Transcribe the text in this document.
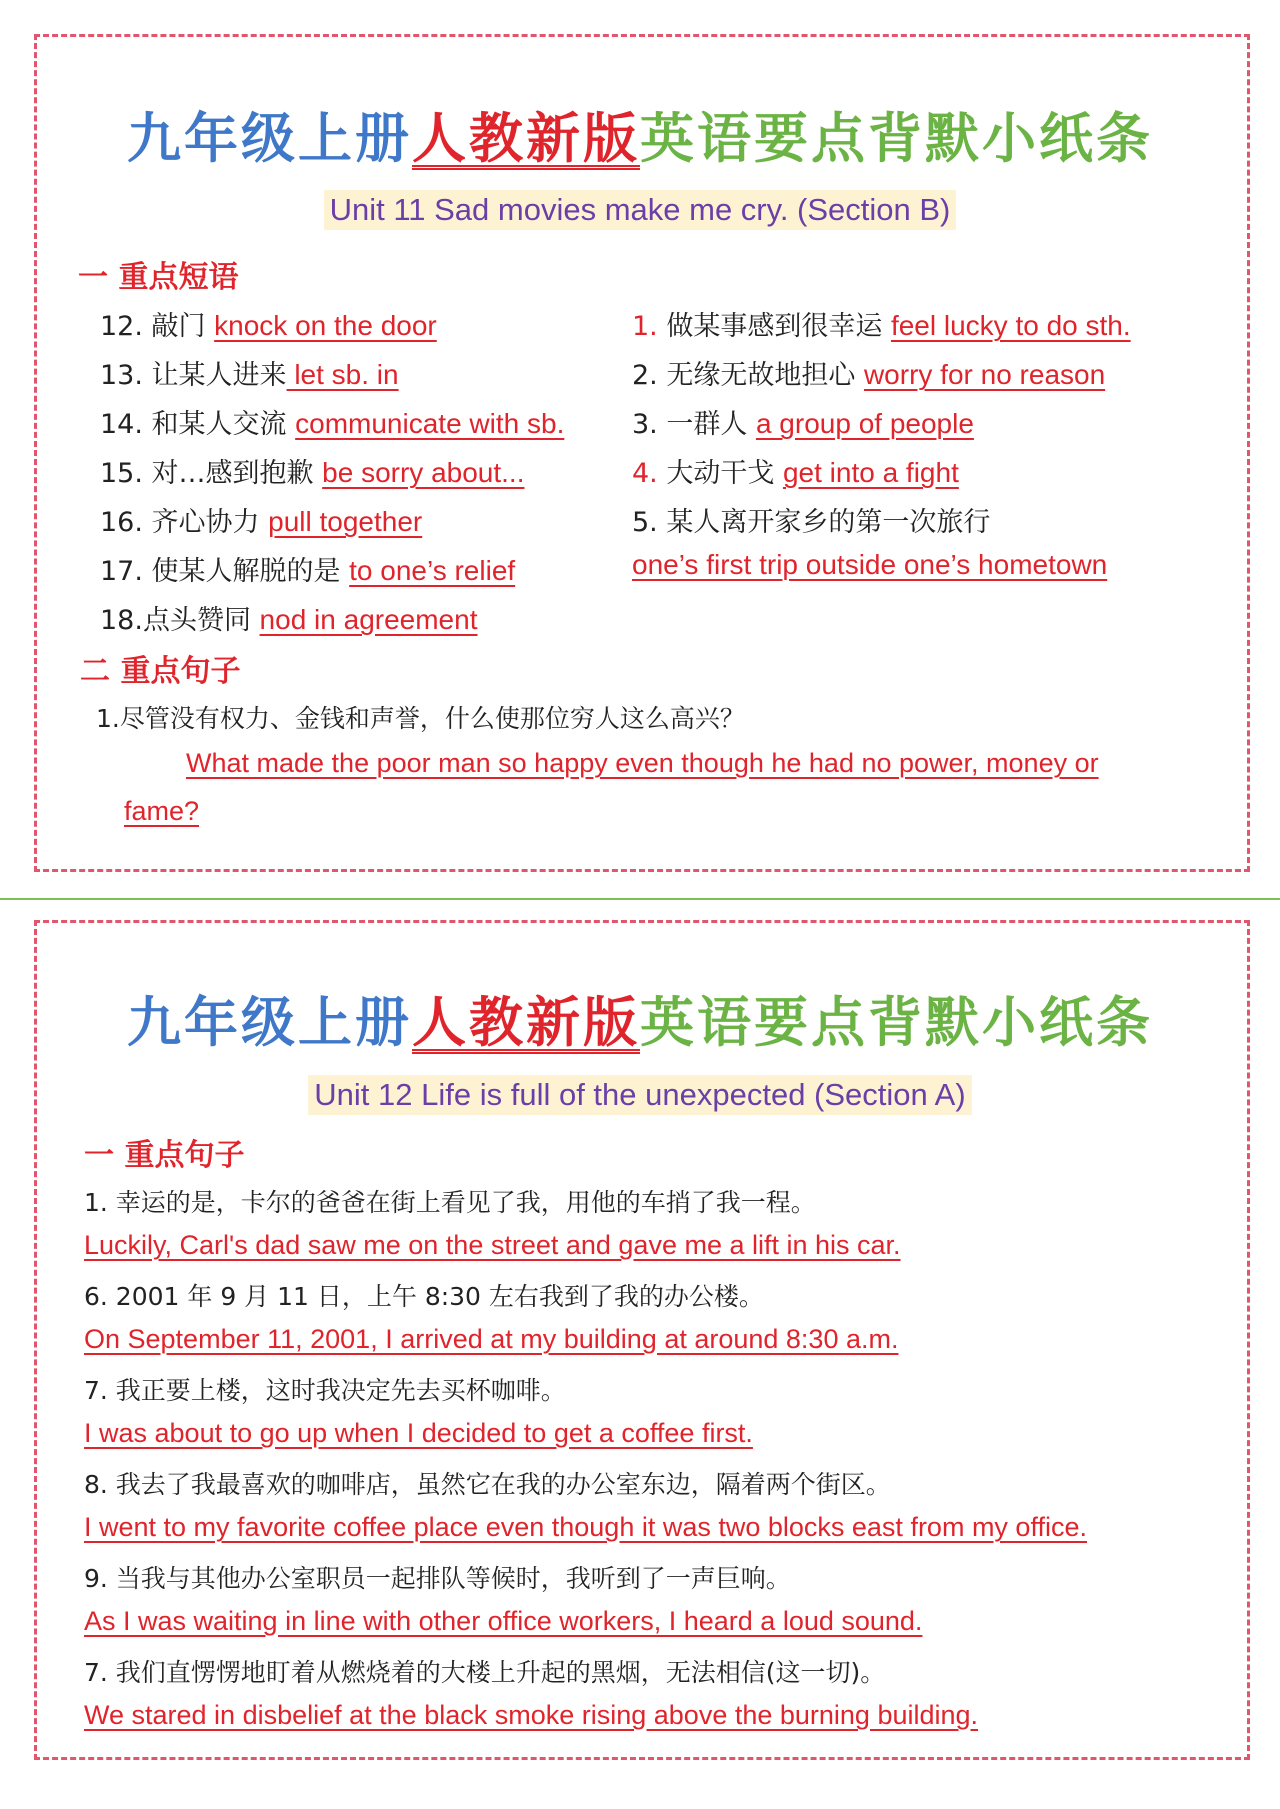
九年级上册人教新版英语要点背默小纸条
Unit 11 Sad movies make me cry. (Section B)
一 重点短语
12. 敲门 knock on the door
13. 让某人进来 let sb. in
14. 和某人交流 communicate with sb.
15. 对…感到抱歉 be sorry about...
16. 齐心协力 pull together
17. 使某人解脱的是 to one’s relief
18.点头赞同 nod in agreement
1. 做某事感到很幸运 feel lucky to do sth.
2. 无缘无故地担心 worry for no reason
3. 一群人 a group of people
4. 大动干戈 get into a fight
5. 某人离开家乡的第一次旅行
one’s first trip outside one’s hometown
二 重点句子
1.尽管没有权力、金钱和声誉，什么使那位穷人这么高兴？
What made the poor man so happy even though he had no power, money or
fame?
九年级上册人教新版英语要点背默小纸条
Unit 12 Life is full of the unexpected (Section A)
一 重点句子
1. 幸运的是，卡尔的爸爸在街上看见了我，用他的车捎了我一程。
Luckily, Carl's dad saw me on the street and gave me a lift in his car.
6. 2001 年 9 月 11 日，上午 8:30 左右我到了我的办公楼。
On September 11, 2001, I arrived at my building at around 8:30 a.m.
7. 我正要上楼，这时我决定先去买杯咖啡。
I was about to go up when I decided to get a coffee first.
8. 我去了我最喜欢的咖啡店，虽然它在我的办公室东边，隔着两个街区。
I went to my favorite coffee place even though it was two blocks east from my office.
9. 当我与其他办公室职员一起排队等候时，我听到了一声巨响。
As I was waiting in line with other office workers, I heard a loud sound.
7. 我们直愣愣地盯着从燃烧着的大楼上升起的黑烟，无法相信(这一切)。
We stared in disbelief at the black smoke rising above the burning building.
